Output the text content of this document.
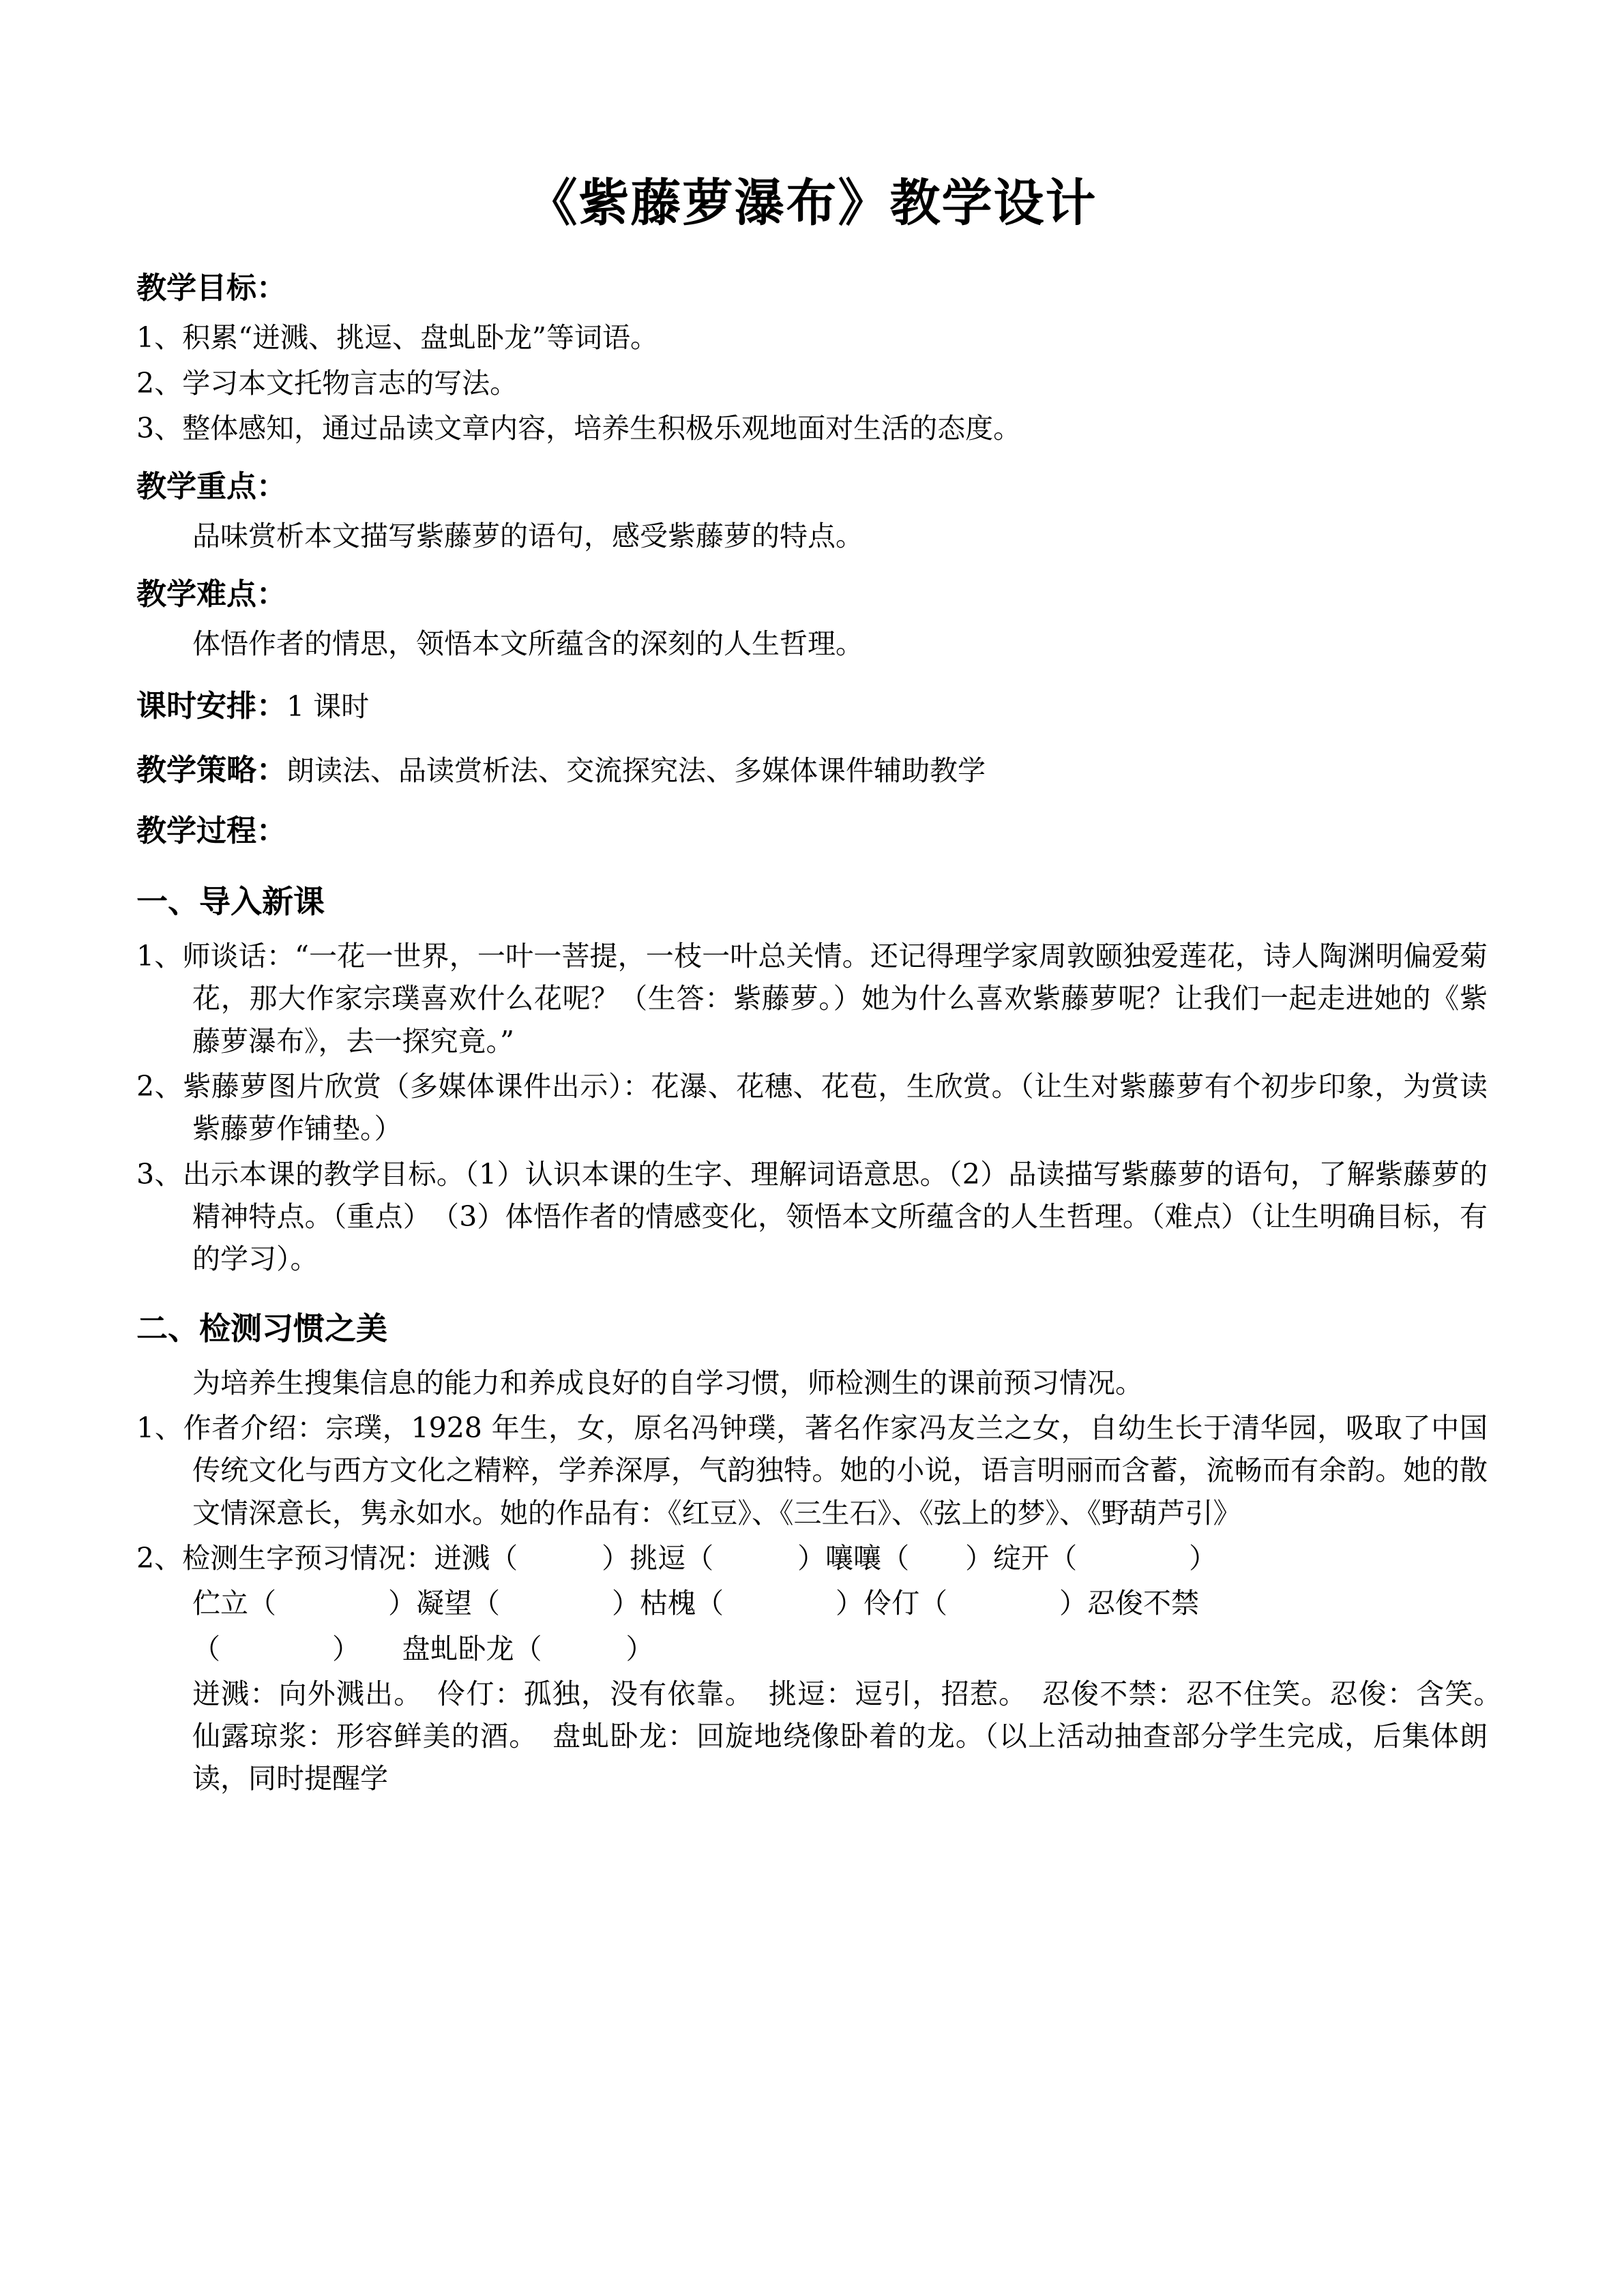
《紫藤萝瀑布》教学设计
教学目标：

1、积累“迸溅、挑逗、盘虬卧龙”等词语。

2、学习本文托物言志的写法。

3、整体感知，通过品读文章内容，培养生积极乐观地面对生活的态度。

教学重点：

品味赏析本文描写紫藤萝的语句，感受紫藤萝的特点。

教学难点：

体悟作者的情思，领悟本文所蕴含的深刻的人生哲理。

课时安排：1 课时
教学策略：朗读法、品读赏析法、交流探究法、多媒体课件辅助教学
教学过程：
一、导入新课
1、师谈话：“一花一世界，一叶一菩提，一枝一叶总关情。还记得理学家周敦颐独爱莲花，诗人陶渊明偏爱菊花，那大作家宗璞喜欢什么花呢？（生答：紫藤萝。）她为什么喜欢紫藤萝呢？让我们一起走进她的《紫藤萝瀑布》，去一探究竟。”
2、紫藤萝图片欣赏（多媒体课件出示）：花瀑、花穗、花苞，生欣赏。（让生对紫藤萝有个初步印象，为赏读紫藤萝作铺垫。）
3、出示本课的教学目标。（1）认识本课的生字、理解词语意思。（2）品读描写紫藤萝的语句，了解紫藤萝的精神特点。（重点）　（3）体悟作者的情感变化，领悟本文所蕴含的人生哲理。（难点）（让生明确目标，有的学习）。
二、检测习惯之美

为培养生搜集信息的能力和养成良好的自学习惯，师检测生的课前预习情况。

1、作者介绍：宗璞，1928 年生，女，原名冯钟璞，著名作家冯友兰之女，自幼生长于清华园，吸取了中国传统文化与西方文化之精粹，学养深厚，气韵独特。她的小说，语言明丽而含蓄，流畅而有余韵。她的散文情深意长，隽永如水。她的作品有：《红豆》、《三生石》、《弦上的梦》、《野葫芦引》
2、检测生字预习情况：迸溅（　　　）挑逗（　　　）嚷嚷（　　）绽开（　　　　）

伫立（　　　　）凝望（　　　　）枯槐（　　　　）伶仃（　　　　）忍俊不禁

（　　　　）　　盘虬卧龙（　　　）

迸溅：向外溅出。　伶仃：孤独，没有依靠。　挑逗：逗引，招惹。　忍俊不禁：忍不住笑。忍俊：含笑。　仙露琼浆：形容鲜美的酒。　盘虬卧龙：回旋地绕像卧着的龙。（以上活动抽查部分学生完成，后集体朗读，同时提醒学
